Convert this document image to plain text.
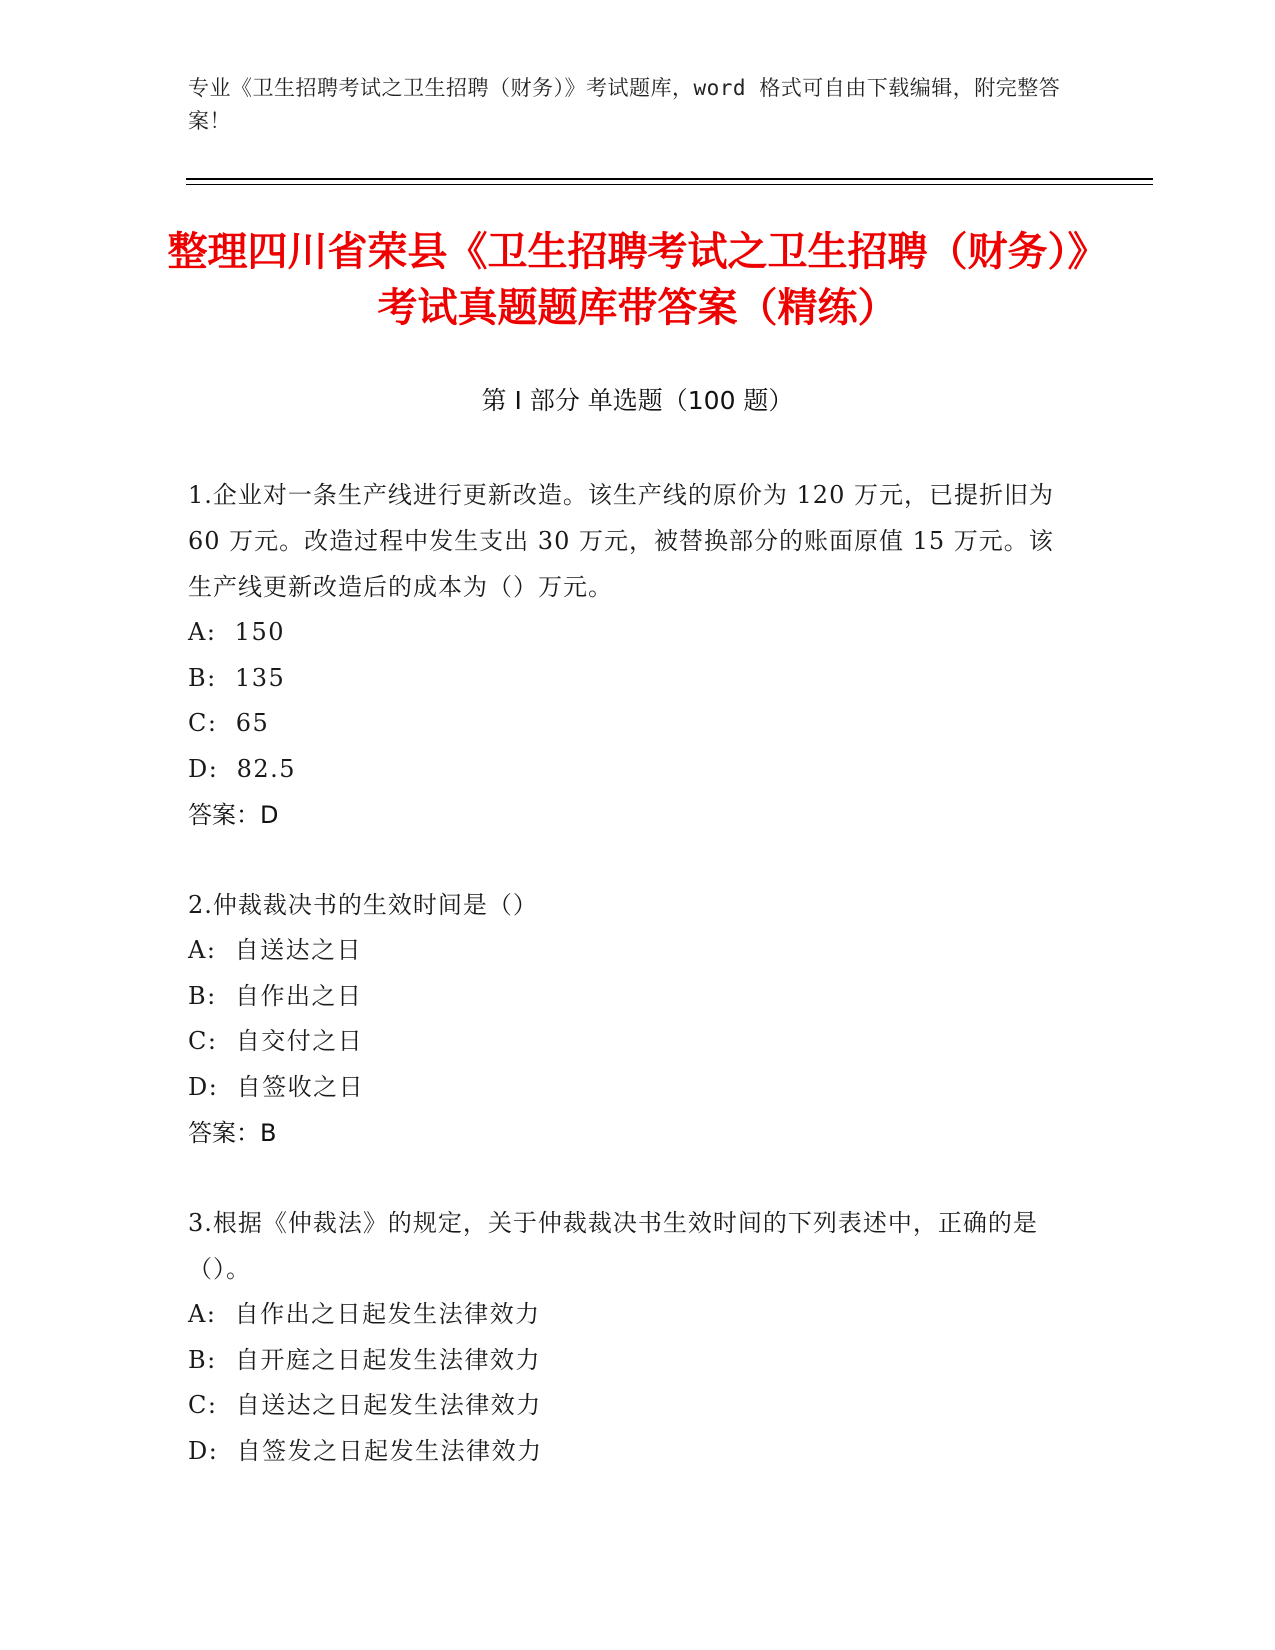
专业《卫生招聘考试之卫生招聘（财务）》考试题库，word 格式可自由下载编辑，附完整答案！
整理四川省荣县《卫生招聘考试之卫生招聘（财务）》考试真题题库带答案（精练）
第 I 部分 单选题（100 题）
1.企业对一条生产线进行更新改造。该生产线的原价为 120 万元，已提折旧为 60 万元。改造过程中发生支出 30 万元，被替换部分的账面原值 15 万元。该生产线更新改造后的成本为（）万元。
A:  150
B:  135
C:  65
D:  82.5
答案：D
2.仲裁裁决书的生效时间是（）
A:  自送达之日
B:  自作出之日
C:  自交付之日
D:  自签收之日
答案：B
3.根据《仲裁法》的规定，关于仲裁裁决书生效时间的下列表述中，正确的是（）。
A:  自作出之日起发生法律效力
B:  自开庭之日起发生法律效力
C:  自送达之日起发生法律效力
D:  自签发之日起发生法律效力
